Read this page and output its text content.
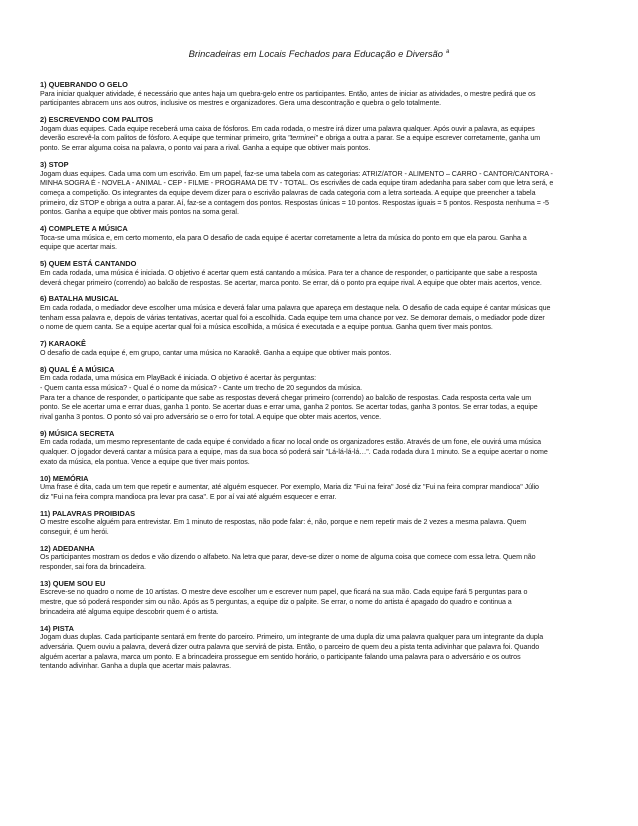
Brincadeiras em Locais Fechados para Educação e Diversão $^a$

1) QUEBRANDO O GELO

Para iniciar qualquer atividade, é necessário que antes haja um quebra-gelo entre os participantes. Então, antes de iniciar as atividades, o mestre pedirá que os
participantes abracem uns aos outros, inclusive os mestres e organizadores. Gera uma descontração e quebra o gelo totalmente.

2) ESCREVENDO COM PALITOS

Jogam duas equipes. Cada equipe receberá uma caixa de fósforos. Em cada rodada, o mestre irá dizer uma palavra qualquer. Após ouvir a palavra, as equipes
deverão escrevê-la com palitos de fósforo. A equipe que terminar primeiro, grita "terminei" e obriga a outra a parar. Se a equipe escrever corretamente, ganha um
ponto. Se errar alguma coisa na palavra, o ponto vai para a rival. Ganha a equipe que obtiver mais pontos.

3) STOP

Jogam duas equipes. Cada uma com um escrivão. Em um papel, faz-se uma tabela com as categorias: ATRIZ/ATOR - ALIMENTO – CARRO - CANTOR/CANTORA -
MINHA SOGRA É - NOVELA - ANIMAL - CEP - FILME - PROGRAMA DE TV - TOTAL. Os escrivães de cada equipe tiram adedanha para saber com que letra será, e
começa a competição. Os integrantes da equipe devem dizer para o escrivão palavras de cada categoria com a letra sorteada. A equipe que preencher a tabela
primeiro, diz STOP e obriga a outra a parar. Aí, faz-se a contagem dos pontos. Respostas únicas = 10 pontos. Respostas iguais = 5 pontos. Resposta nenhuma = -5
pontos. Ganha a equipe que obtiver mais pontos na soma geral.

4) COMPLETE A MÚSICA

Toca-se uma música e, em certo momento, ela para O desafio de cada equipe é acertar corretamente a letra da música do ponto em que ela parou. Ganha a
equipe que acertar mais.

5) QUEM ESTÁ CANTANDO

Em cada rodada, uma música é iniciada. O objetivo é acertar quem está cantando a música. Para ter a chance de responder, o participante que sabe a resposta
deverá chegar primeiro (correndo) ao balcão de respostas. Se acertar, marca ponto. Se errar, dá o ponto pra equipe rival. A equipe que obter mais acertos, vence.

6) BATALHA MUSICAL

Em cada rodada, o mediador deve escolher uma música e deverá falar uma palavra que apareça em destaque nela. O desafio de cada equipe é cantar músicas que
tenham essa palavra e, depois de várias tentativas, acertar qual foi a escolhida. Cada equipe tem uma chance por vez. Se demorar demais, o mediador pode dizer
o nome de quem canta. Se a equipe acertar qual foi a música escolhida, a música é executada e a equipe pontua. Ganha quem tiver mais pontos.

7) KARAOKÊ

O desafio de cada equipe é, em grupo, cantar uma música no Karaokê. Ganha a equipe que obtiver mais pontos.

8) QUAL É A MÚSICA

Em cada rodada, uma música em PlayBack é iniciada. O objetivo é acertar às perguntas:
- Quem canta essa música? - Qual é o nome da música? - Cante um trecho de 20 segundos da música.
Para ter a chance de responder, o participante que sabe as respostas deverá chegar primeiro (correndo) ao balcão de respostas. Cada resposta certa vale um
ponto. Se ele acertar uma e errar duas, ganha 1 ponto. Se acertar duas e errar uma, ganha 2 pontos. Se acertar todas, ganha 3 pontos. Se errar todas, a equipe
rival ganha 3 pontos. O ponto só vai pro adversário se o erro for total. A equipe que obter mais acertos, vence.

9) MÚSICA SECRETA

Em cada rodada, um mesmo representante de cada equipe é convidado a ficar no local onde os organizadores estão. Através de um fone, ele ouvirá uma música
qualquer. O jogador deverá cantar a música para a equipe, mas da sua boca só poderá sair "Lá-lá-lá-lá…". Cada rodada dura 1 minuto. Se a equipe acertar o nome
exato da música, ela pontua. Vence a equipe que tiver mais pontos.

10) MEMÓRIA

Uma frase é dita, cada um tem que repetir e aumentar, até alguém esquecer. Por exemplo, Maria diz "Fui na feira" José diz "Fui na feira comprar mandioca" Júlio
diz "Fui na feira compra mandioca pra levar pra casa". E por aí vai até alguém esquecer e errar.

11) PALAVRAS PROIBIDAS

O mestre escolhe alguém para entrevistar. Em 1 minuto de respostas, não pode falar: é, não, porque e nem repetir mais de 2 vezes a mesma palavra. Quem
conseguir, é um herói.

12) ADEDANHA

Os participantes mostram os dedos e vão dizendo o alfabeto. Na letra que parar, deve-se dizer o nome de alguma coisa que comece com essa letra. Quem não
responder, sai fora da brincadeira.

13) QUEM SOU EU

Escreve-se no quadro o nome de 10 artistas. O mestre deve escolher um e escrever num papel, que ficará na sua mão. Cada equipe fará 5 perguntas para o
mestre, que só poderá responder sim ou não. Após as 5 perguntas, a equipe diz o palpite. Se errar, o nome do artista é apagado do quadro e continua a
brincadeira até alguma equipe descobrir quem é o artista.

14) PISTA

Jogam duas duplas. Cada participante sentará em frente do parceiro. Primeiro, um integrante de uma dupla diz uma palavra qualquer para um integrante da dupla
adversária. Quem ouviu a palavra, deverá dizer outra palavra que servirá de pista. Então, o parceiro de quem deu a pista tenta adivinhar que palavra foi. Quando
alguém acertar a palavra, marca um ponto. E a brincadeira prossegue em sentido horário, o participante falando uma palavra para o adversário e os outros
tentando adivinhar. Ganha a dupla que acertar mais palavras.
